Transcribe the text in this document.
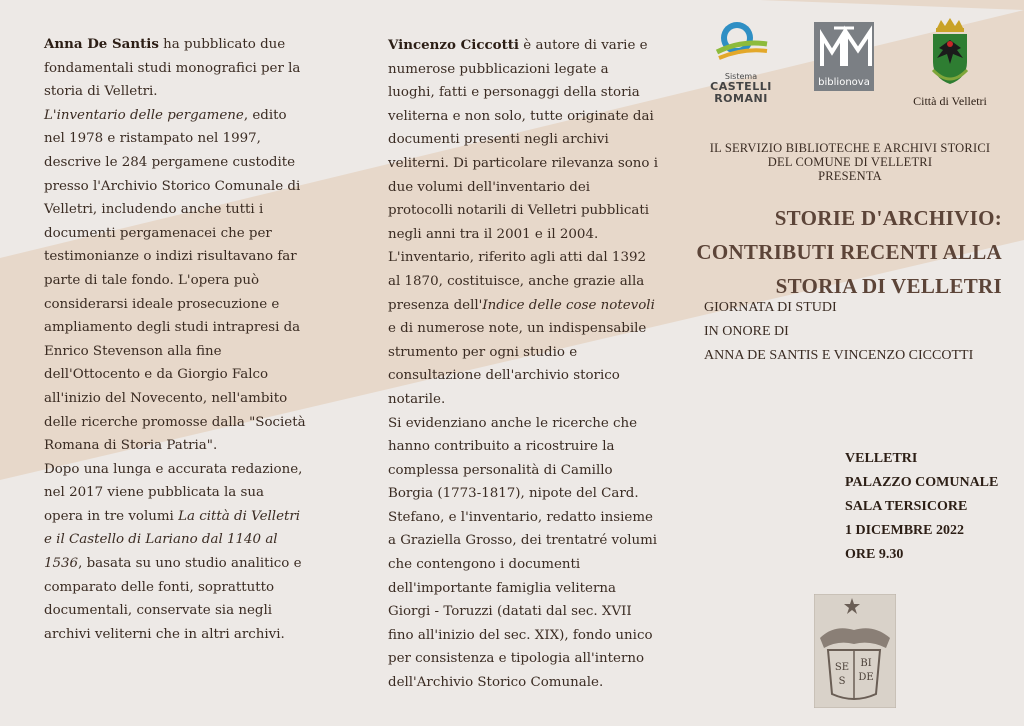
Anna De Santis ha pubblicato due fondamentali studi monografici per la storia di Velletri.
L'inventario delle pergamene, edito nel 1978 e ristampato nel 1997, descrive le 284 pergamene custodite presso l'Archivio Storico Comunale di Velletri, includendo anche tutti i documenti pergamenacei che per testimonianze o indizi risultavano far parte di tale fondo. L'opera può considerarsi ideale prosecuzione e ampliamento degli studi intrapresi da Enrico Stevenson alla fine dell'Ottocento e da Giorgio Falco all'inizio del Novecento, nell'ambito delle ricerche promosse dalla "Società Romana di Storia Patria".

Dopo una lunga e accurata redazione, nel 2017 viene pubblicata la sua opera in tre volumi La città di Velletri e il Castello di Lariano dal 1140 al 1536, basata su uno studio analitico e comparato delle fonti, soprattutto documentali, conservate sia negli archivi veliterni che in altri archivi.

Vincenzo Ciccotti è autore di varie e numerose pubblicazioni legate a luoghi, fatti e personaggi della storia veliterna e non solo, tutte originate dai documenti presenti negli archivi veliterni. Di particolare rilevanza sono i due volumi dell'inventario dei protocolli notarili di Velletri pubblicati negli anni tra il 2001 e il 2004.

L'inventario, riferito agli atti dal 1392 al 1870, costituisce, anche grazie alla presenza dell'Indice delle cose notevoli e di numerose note, un indispensabile strumento per ogni studio e consultazione dell'archivio storico notarile.

Si evidenziano anche le ricerche che hanno contribuito a ricostruire la complessa personalità di Camillo Borgia (1773-1817), nipote del Card. Stefano, e l'inventario, redatto insieme a Graziella Grosso, dei trentatré volumi che contengono i documenti dell'importante famiglia veliterna Giorgi - Toruzzi (datati dal sec. XVII fino all'inizio del sec. XIX), fondo unico per consistenza e tipologia all'interno dell'Archivio Storico Comunale.

Sistema
CASTELLI
ROMANI
biblionova
Città di Velletri
IL SERVIZIO BIBLIOTECHE E ARCHIVI STORICI
DEL COMUNE DI VELLETRI
PRESENTA
STORIE D'ARCHIVIO:
CONTRIBUTI RECENTI ALLA
STORIA DI VELLETRI
GIORNATA DI STUDI
IN ONORE DI
ANNA DE SANTIS E VINCENZO CICCOTTI
VELLETRI
PALAZZO COMUNALE
SALA TERSICORE
1 DICEMBRE 2022
ORE 9.30
SE BI
DE
S
